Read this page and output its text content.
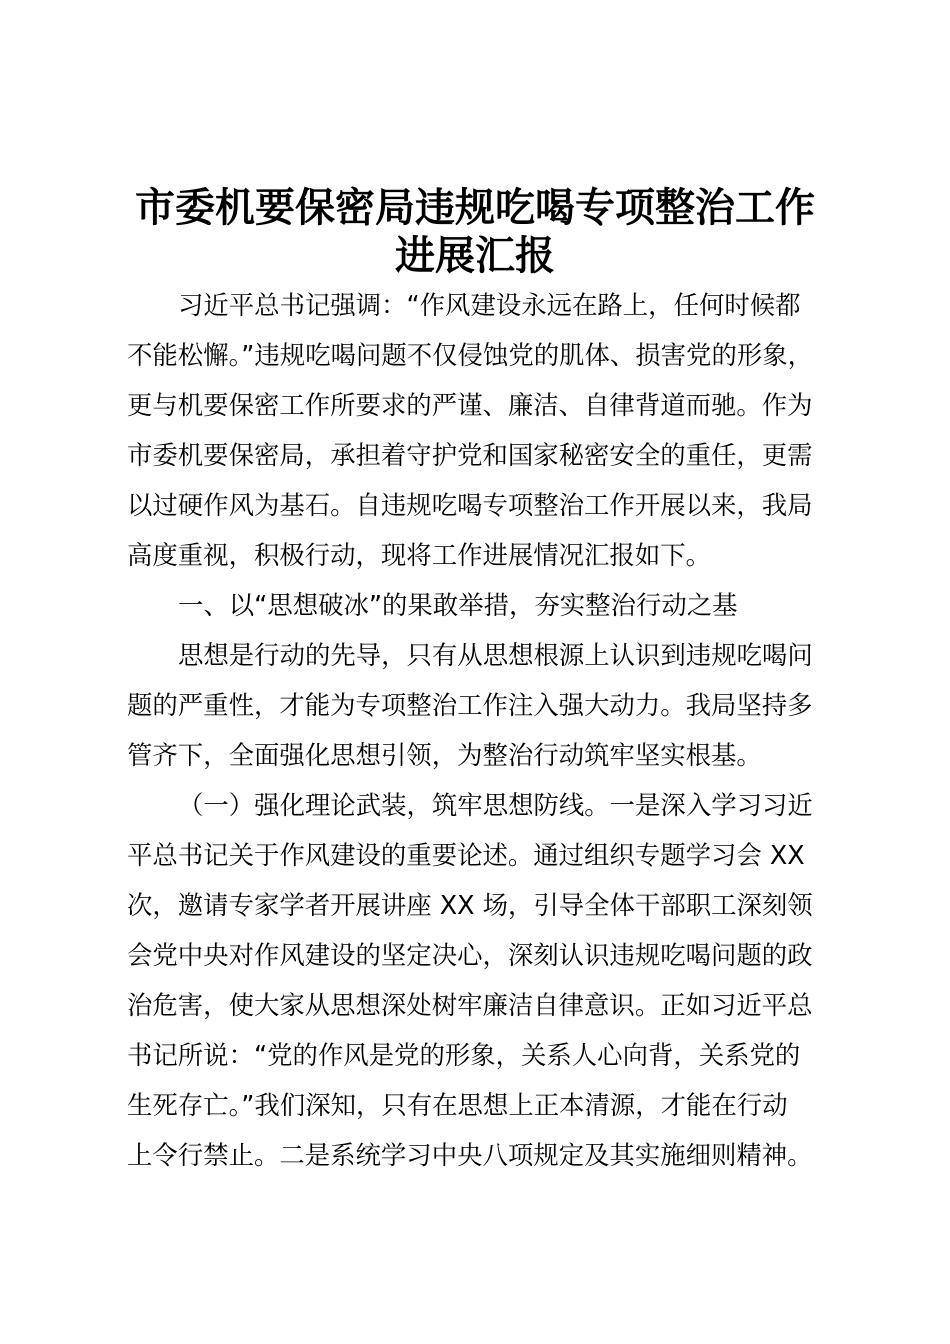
市委机要保密局违规吃喝专项整治工作
进展汇报
习近平总书记强调：“作风建设永远在路上，任何时候都
不能松懈。”违规吃喝问题不仅侵蚀党的肌体、损害党的形象，
更与机要保密工作所要求的严谨、廉洁、自律背道而驰。作为
市委机要保密局，承担着守护党和国家秘密安全的重任，更需
以过硬作风为基石。自违规吃喝专项整治工作开展以来，我局
高度重视，积极行动，现将工作进展情况汇报如下。
一、以“思想破冰”的果敢举措，夯实整治行动之基
思想是行动的先导，只有从思想根源上认识到违规吃喝问
题的严重性，才能为专项整治工作注入强大动力。我局坚持多
管齐下，全面强化思想引领，为整治行动筑牢坚实根基。
（一）强化理论武装，筑牢思想防线。一是深入学习习近
平总书记关于作风建设的重要论述。通过组织专题学习会 XX
次，邀请专家学者开展讲座 XX 场，引导全体干部职工深刻领
会党中央对作风建设的坚定决心，深刻认识违规吃喝问题的政
治危害，使大家从思想深处树牢廉洁自律意识。正如习近平总
书记所说：“党的作风是党的形象，关系人心向背，关系党的
生死存亡。”我们深知，只有在思想上正本清源，才能在行动
上令行禁止。二是系统学习中央八项规定及其实施细则精神。
